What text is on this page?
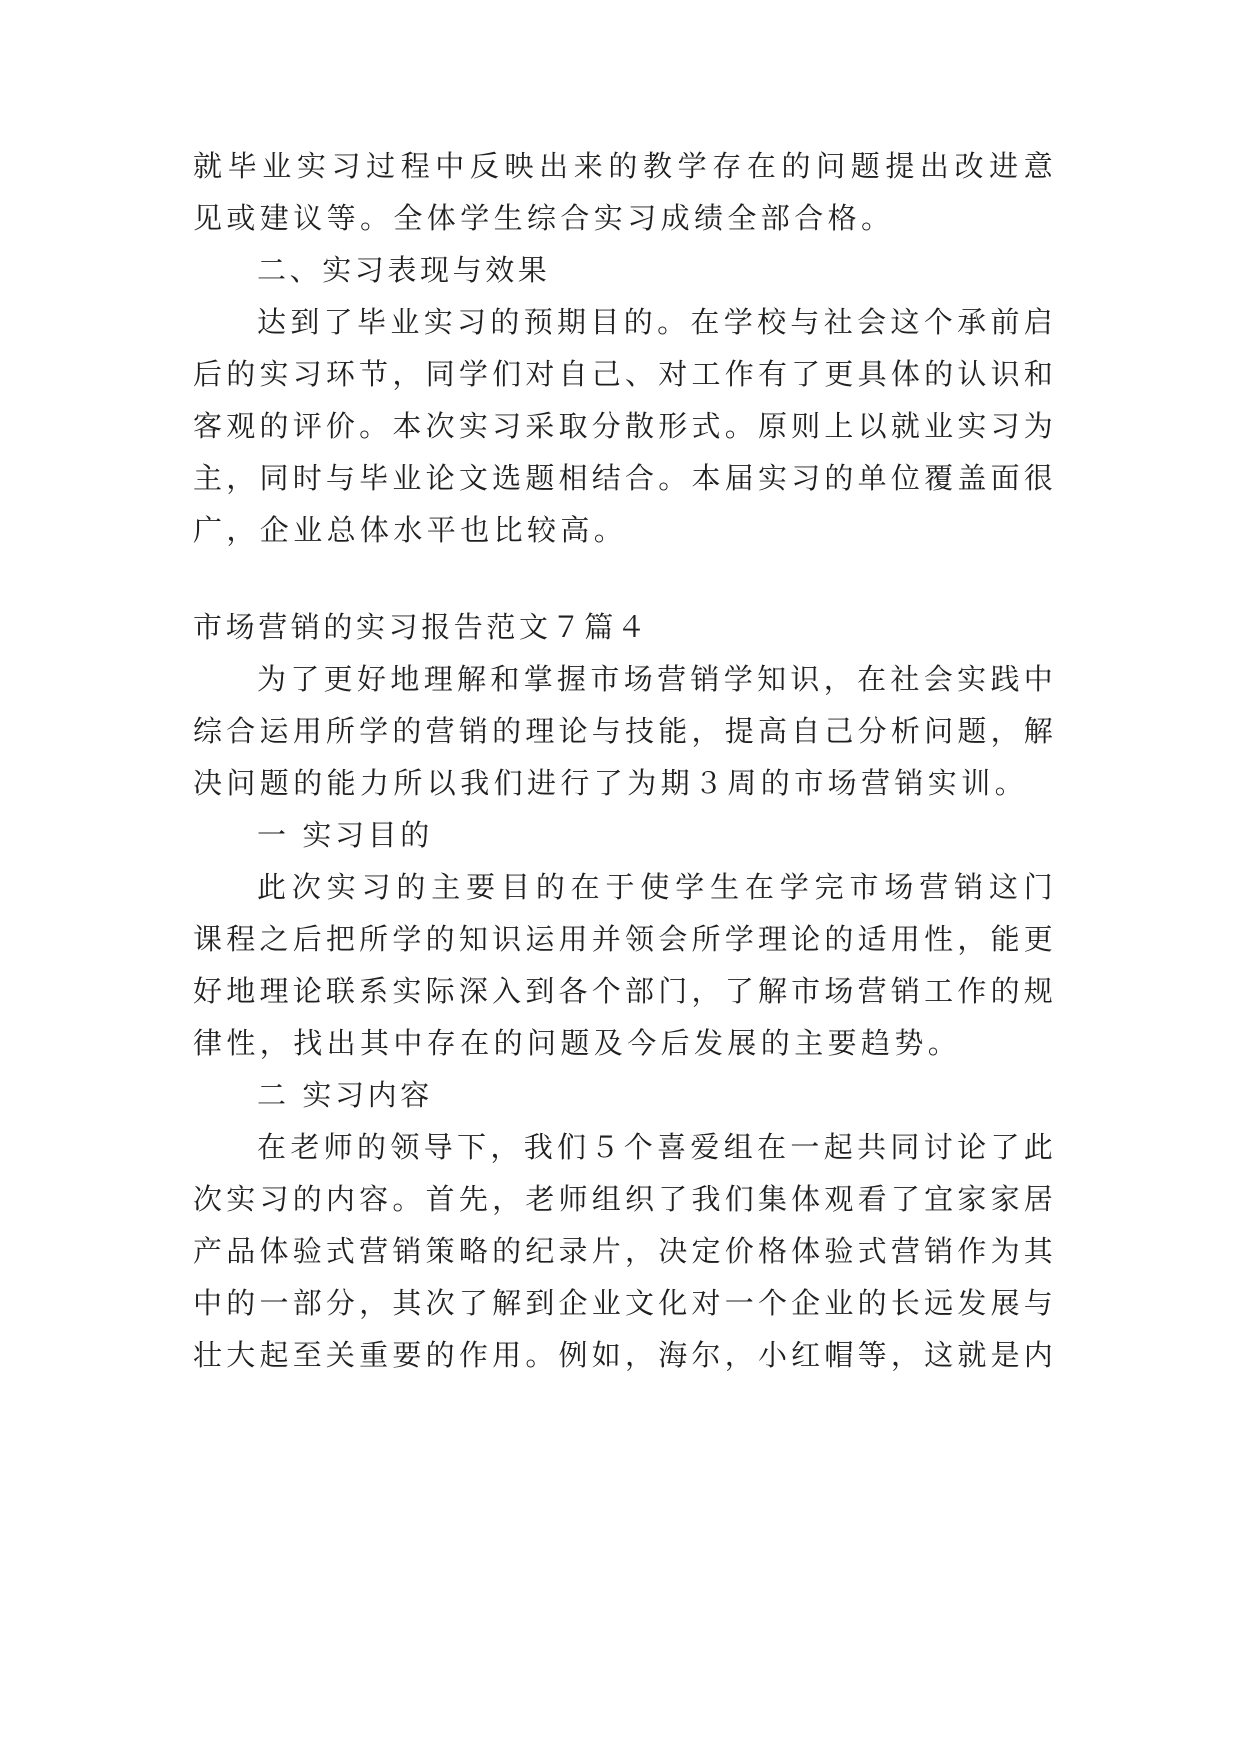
就毕业实习过程中反映出来的教学存在的问题提出改进意
见或建议等。全体学生综合实习成绩全部合格。
二、实习表现与效果
达到了毕业实习的预期目的。在学校与社会这个承前启
后的实习环节，同学们对自己、对工作有了更具体的认识和
客观的评价。本次实习采取分散形式。原则上以就业实习为
主，同时与毕业论文选题相结合。本届实习的单位覆盖面很
广，企业总体水平也比较高。
市场营销的实习报告范文７篇４
为了更好地理解和掌握市场营销学知识，在社会实践中
综合运用所学的营销的理论与技能，提高自己分析问题，解
决问题的能力所以我们进行了为期３周的市场营销实训。
一 实习目的
此次实习的主要目的在于使学生在学完市场营销这门
课程之后把所学的知识运用并领会所学理论的适用性，能更
好地理论联系实际深入到各个部门，了解市场营销工作的规
律性，找出其中存在的问题及今后发展的主要趋势。
二 实习内容
在老师的领导下，我们５个喜爱组在一起共同讨论了此
次实习的内容。首先，老师组织了我们集体观看了宜家家居
产品体验式营销策略的纪录片，决定价格体验式营销作为其
中的一部分，其次了解到企业文化对一个企业的长远发展与
壮大起至关重要的作用。例如，海尔，小红帽等，这就是内
